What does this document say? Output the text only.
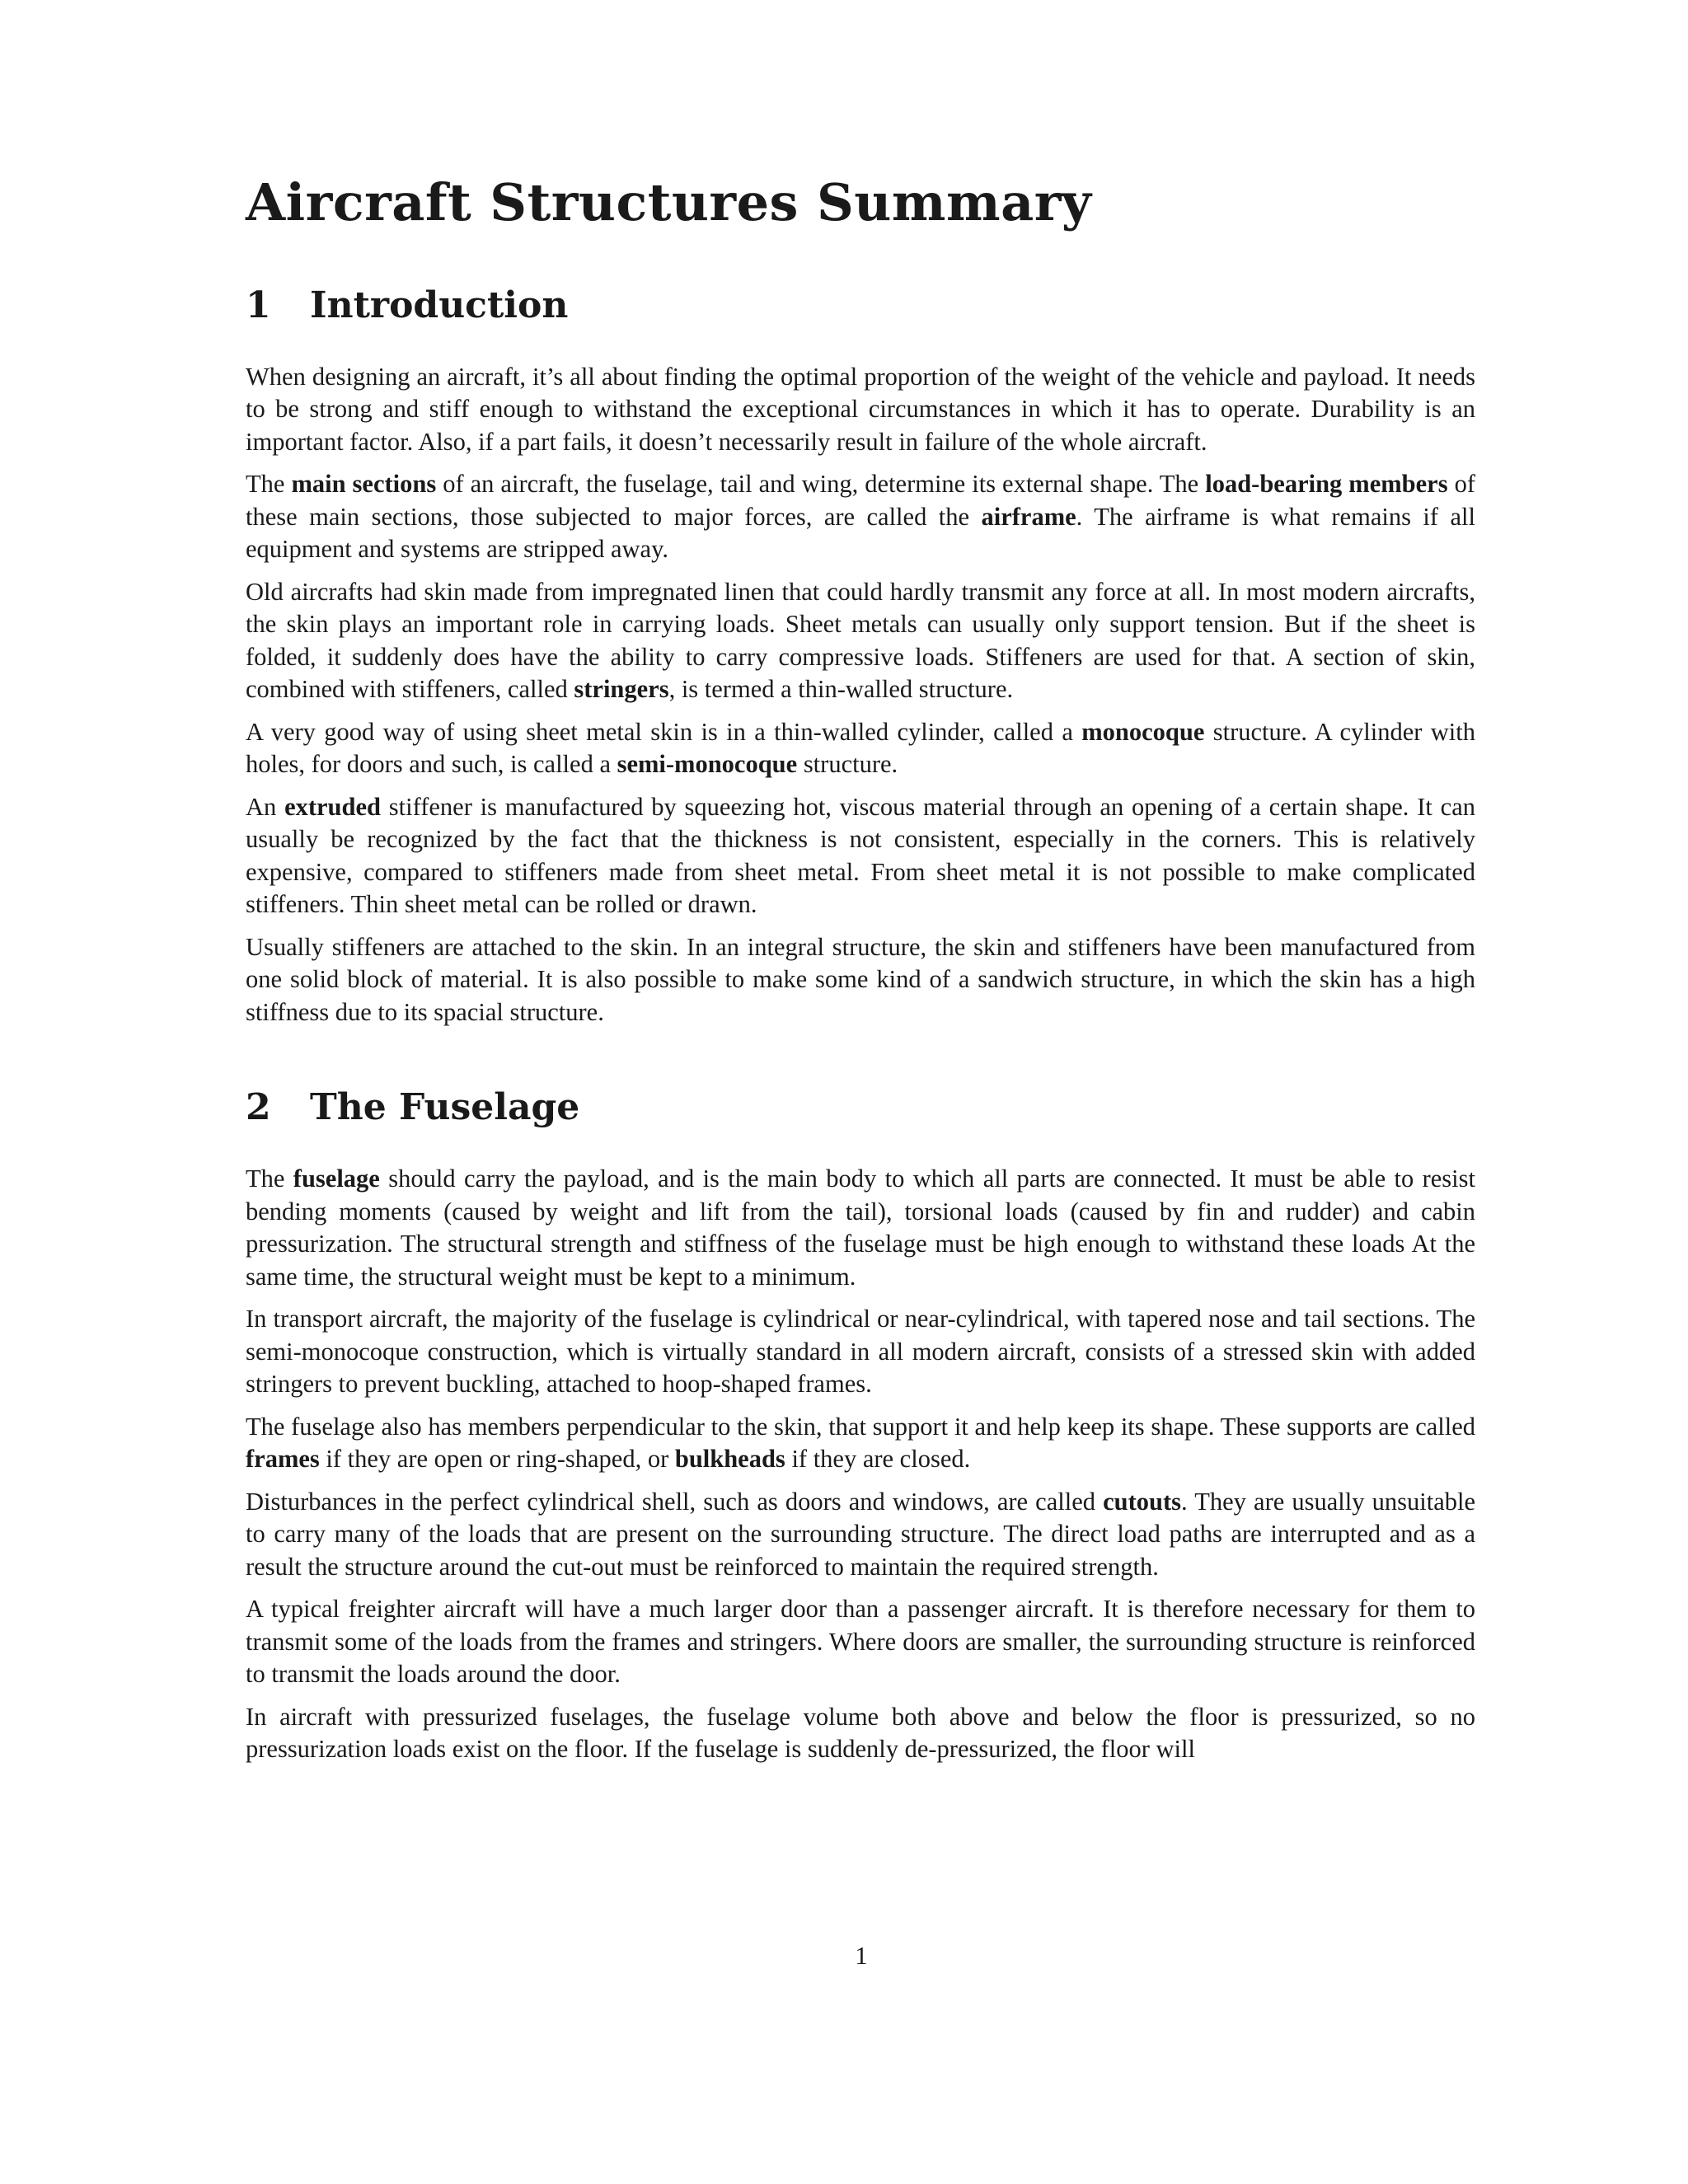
Aircraft Structures Summary
1 Introduction

When designing an aircraft, it’s all about finding the optimal proportion of the weight of the vehicle and payload. It needs to be strong and stiff enough to withstand the exceptional circumstances in which it has to operate. Durability is an important factor. Also, if a part fails, it doesn’t necessarily result in failure of the whole aircraft.

The main sections of an aircraft, the fuselage, tail and wing, determine its external shape. The load-bearing members of these main sections, those subjected to major forces, are called the airframe. The airframe is what remains if all equipment and systems are stripped away.

Old aircrafts had skin made from impregnated linen that could hardly transmit any force at all. In most modern aircrafts, the skin plays an important role in carrying loads. Sheet metals can usually only support tension. But if the sheet is folded, it suddenly does have the ability to carry compressive loads. Stiffeners are used for that. A section of skin, combined with stiffeners, called stringers, is termed a thin-walled structure.

A very good way of using sheet metal skin is in a thin-walled cylinder, called a monocoque structure. A cylinder with holes, for doors and such, is called a semi-monocoque structure.

An extruded stiffener is manufactured by squeezing hot, viscous material through an opening of a certain shape. It can usually be recognized by the fact that the thickness is not consistent, especially in the corners. This is relatively expensive, compared to stiffeners made from sheet metal. From sheet metal it is not possible to make complicated stiffeners. Thin sheet metal can be rolled or drawn.

Usually stiffeners are attached to the skin. In an integral structure, the skin and stiffeners have been manufactured from one solid block of material. It is also possible to make some kind of a sandwich structure, in which the skin has a high stiffness due to its spacial structure.

2 The Fuselage

The fuselage should carry the payload, and is the main body to which all parts are connected. It must be able to resist bending moments (caused by weight and lift from the tail), torsional loads (caused by fin and rudder) and cabin pressurization. The structural strength and stiffness of the fuselage must be high enough to withstand these loads At the same time, the structural weight must be kept to a minimum.

In transport aircraft, the majority of the fuselage is cylindrical or near-cylindrical, with tapered nose and tail sections. The semi-monocoque construction, which is virtually standard in all modern aircraft, consists of a stressed skin with added stringers to prevent buckling, attached to hoop-shaped frames.

The fuselage also has members perpendicular to the skin, that support it and help keep its shape. These supports are called frames if they are open or ring-shaped, or bulkheads if they are closed.

Disturbances in the perfect cylindrical shell, such as doors and windows, are called cutouts. They are usually unsuitable to carry many of the loads that are present on the surrounding structure. The direct load paths are interrupted and as a result the structure around the cut-out must be reinforced to maintain the required strength.

A typical freighter aircraft will have a much larger door than a passenger aircraft. It is therefore necessary for them to transmit some of the loads from the frames and stringers. Where doors are smaller, the surrounding structure is reinforced to transmit the loads around the door.

In aircraft with pressurized fuselages, the fuselage volume both above and below the floor is pressurized, so no pressurization loads exist on the floor. If the fuselage is suddenly de-pressurized, the floor will

1
